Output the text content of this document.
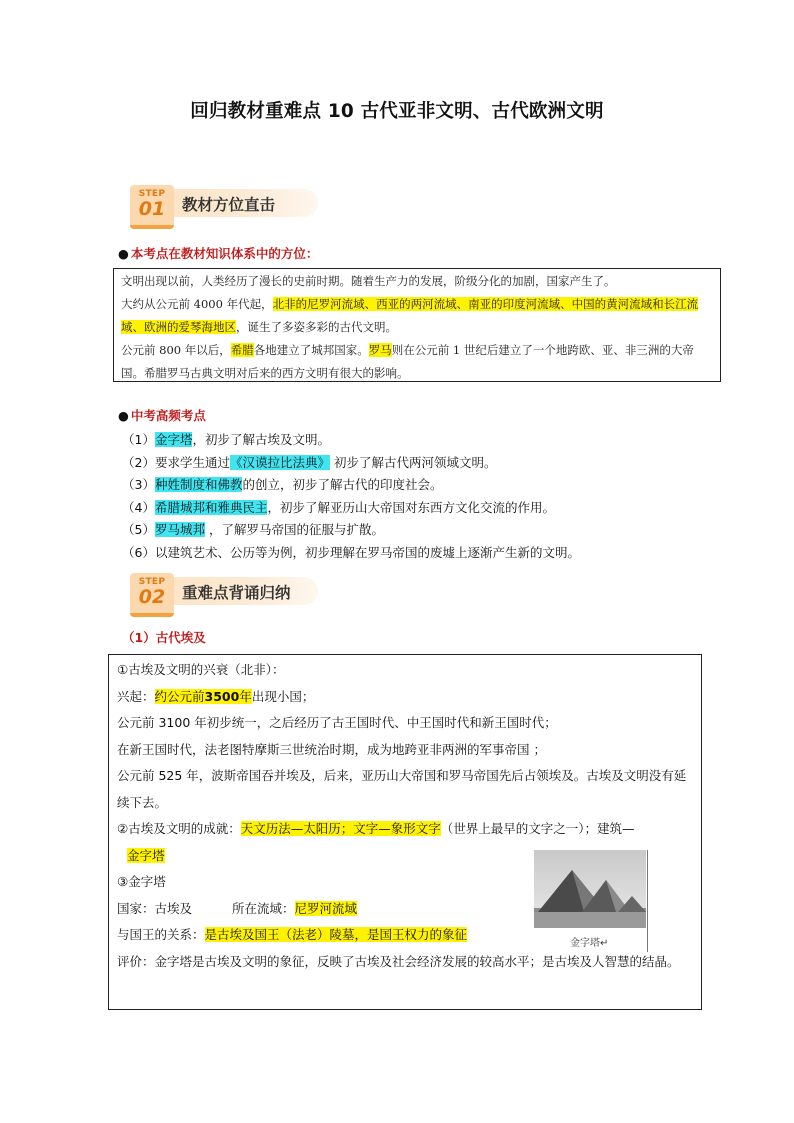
回归教材重难点 10 古代亚非文明、古代欧洲文明
STEP
01	教材方位直击
● 本考点在教材知识体系中的方位：

文明出现以前，人类经历了漫长的史前时期。随着生产力的发展，阶级分化的加剧，国家产生了。

大约从公元前 4000 年代起，北非的尼罗河流域、西亚的两河流域、南亚的印度河流域、中国的黄河流域和长江流域、欧洲的爱琴海地区，诞生了多姿多彩的古代文明。

公元前 800 年以后，希腊各地建立了城邦国家。罗马则在公元前 1 世纪后建立了一个地跨欧、亚、非三洲的大帝国。希腊罗马古典文明对后来的西方文明有很大的影响。

● 中考高频考点
（1）金字塔，初步了解古埃及文明。
（2）要求学生通过《汉谟拉比法典》 初步了解古代两河领域文明。
（3）种姓制度和佛教的创立，初步了解古代的印度社会。
（4）希腊城邦和雅典民主，初步了解亚历山大帝国对东西方文化交流的作用。
（5）罗马城邦 ，了解罗马帝国的征服与扩散。
（6）以建筑艺术、公历等为例，初步理解在罗马帝国的废墟上逐渐产生新的文明。
STEP
02	重难点背诵归纳
（1）古代埃及

①古埃及文明的兴衰（北非）：

兴起：约公元前3500年出现小国；

公元前 3100 年初步统一，之后经历了古王国时代、中王国时代和新王国时代；

在新王国时代，法老图特摩斯三世统治时期，成为地跨亚非两洲的军事帝国 ；

公元前 525 年，波斯帝国吞并埃及，后来，亚历山大帝国和罗马帝国先后占领埃及。古埃及文明没有延续下去。

②古埃及文明的成就：天文历法—太阳历；文字—象形文字（世界上最早的文字之一）；建筑—

金字塔

③金字塔

国家：古埃及	所在流域：尼罗河流域

与国王的关系：是古埃及国王（法老）陵墓，是国王权力的象征

评价：金字塔是古埃及文明的象征，反映了古埃及社会经济发展的较高水平；是古埃及人智慧的结晶。

金字塔↵
